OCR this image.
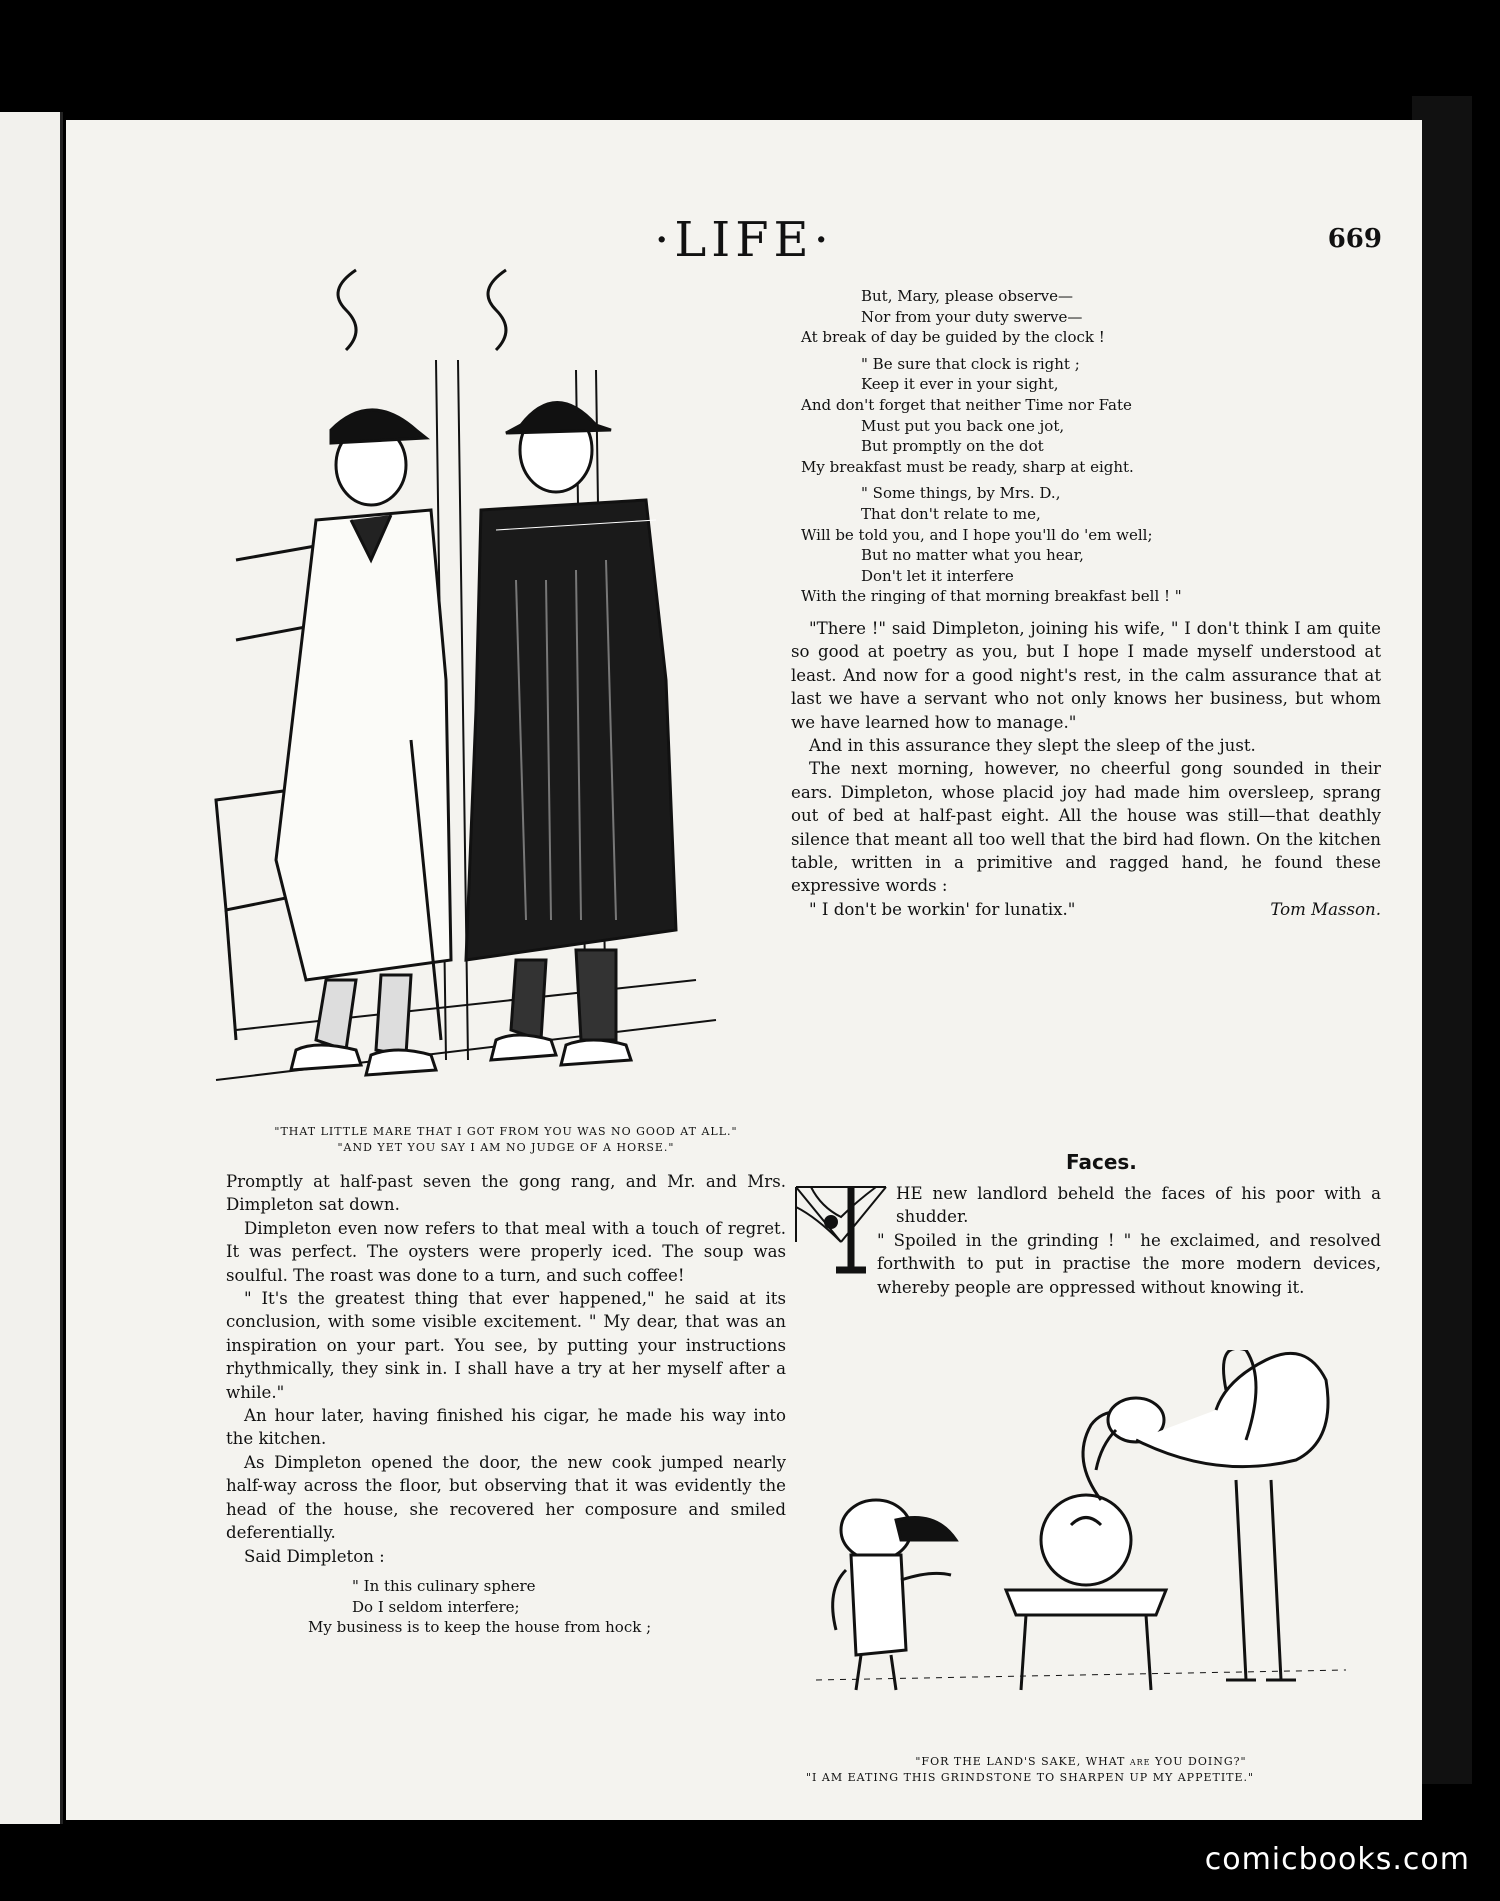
·LIFE·	669
"THAT LITTLE MARE THAT I GOT FROM YOU WAS NO GOOD AT ALL."
"AND YET YOU SAY I AM NO JUDGE OF A HORSE."

Promptly at half-past seven the gong rang, and Mr. and Mrs. Dimpleton sat down.

Dimpleton even now refers to that meal with a touch of regret. It was perfect. The oysters were properly iced. The soup was soulful. The roast was done to a turn, and such coffee!

" It's the greatest thing that ever happened," he said at its conclusion, with some visible excitement. " My dear, that was an inspiration on your part. You see, by putting your instructions rhythmically, they sink in. I shall have a try at her myself after a while."

An hour later, having finished his cigar, he made his way into the kitchen.

As Dimpleton opened the door, the new cook jumped nearly half-way across the floor, but observing that it was evidently the head of the house, she recovered her composure and smiled deferentially.

Said Dimpleton :

" In this culinary sphere
Do I seldom interfere;
My business is to keep the house from hock ;
But, Mary, please observe—
Nor from your duty swerve—
At break of day be guided by the clock !
" Be sure that clock is right ;
Keep it ever in your sight,
And don't forget that neither Time nor Fate
Must put you back one jot,
But promptly on the dot
My breakfast must be ready, sharp at eight.
" Some things, by Mrs. D.,
That don't relate to me,
Will be told you, and I hope you'll do 'em well;
But no matter what you hear,
Don't let it interfere
With the ringing of that morning breakfast bell ! "

"There !" said Dimpleton, joining his wife, " I don't think I am quite so good at poetry as you, but I hope I made myself understood at least. And now for a good night's rest, in the calm assurance that at last we have a servant who not only knows her business, but whom we have learned how to manage."

And in this assurance they slept the sleep of the just.

The next morning, however, no cheerful gong sounded in their ears. Dimpleton, whose placid joy had made him oversleep, sprang out of bed at half-past eight. All the house was still—that deathly silence that meant all too well that the bird had flown. On the kitchen table, written in a primitive and ragged hand, he found these expressive words :

" I don't be workin' for lunatix."	Tom Masson.

Faces.
T

HE new landlord beheld the faces of his poor with a shudder.

" Spoiled in the grinding ! " he exclaimed, and resolved forthwith to put in practise the more modern devices, whereby people are oppressed without knowing it.

"FOR THE LAND'S SAKE, WHAT are YOU DOING?"
"I AM EATING THIS GRINDSTONE TO SHARPEN UP MY APPETITE."
comicbooks.com
